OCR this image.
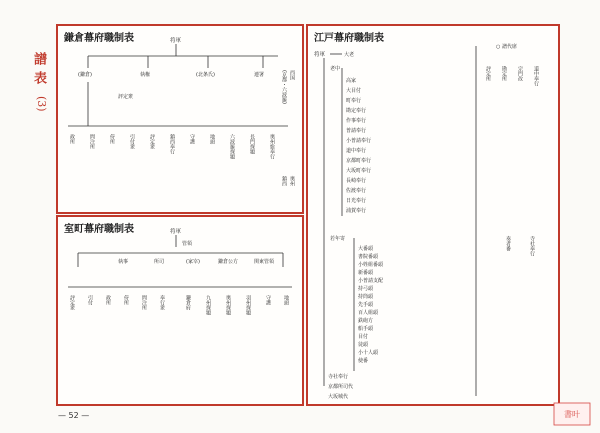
譜表
(3)
鎌倉幕府職制表	将軍
(鎌倉)	執権	(北条氏)	連署
評定衆
政所	問注所	侍所	引付衆	評定衆	鎮西奉行	守護	地頭	六波羅探題	長門探題	奥州総奉行
(京都・六波羅) 西国
鎮西 奥州
室町幕府職制表	将軍
管領
執事	所司	(家宰)	鎌倉公方	関東管領
評定衆 引付 政所 侍所 問注所 奉行衆	鎌倉府	九州探題	奥州探題	羽州探題	守護 地頭
江戸幕府職制表
将軍	大老
老中
高家
大目付
町奉行
勘定奉行
作事奉行
普請奉行
小普請奉行
道中奉行
京都町奉行
大坂町奉行
長崎奉行
佐渡奉行
日光奉行
浦賀奉行
若年寄
大番頭
書院番頭
小姓組番頭
新番頭
小普請支配
持弓頭
持筒頭
先手頭
百人組頭
鉄砲方
船手頭
目付
徒頭
小十人頭
使番
寺社奉行
京都所司代
大坂城代
○ 譜代席
評定所 勘定所 宗門改 道中奉行
奏者番	寺社奉行
— 52 —	書叶
